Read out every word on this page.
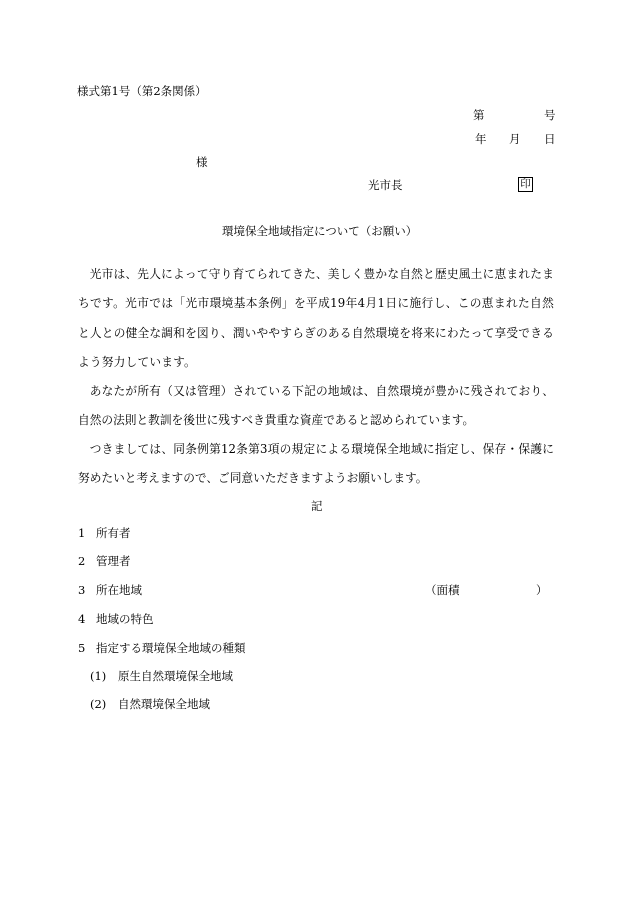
様式第1号（第2条関係）
第	号
年 月 日
様
光市長	印
環境保全地域指定について（お願い）

光市は、先人によって守り育てられてきた、美しく豊かな自然と歴史風土に恵まれたまちです。光市では「光市環境基本条例」を平成19年4月1日に施行し、この恵まれた自然と人との健全な調和を図り、潤いややすらぎのある自然環境を将来にわたって享受できるよう努力しています。

あなたが所有（又は管理）されている下記の地域は、自然環境が豊かに残されており、自然の法則と教訓を後世に残すべき貴重な資産であると認められています。

つきましては、同条例第12条第3項の規定による環境保全地域に指定し、保存・保護に努めたいと考えますので、ご同意いただきますようお願いします。

記
1 所有者
2 管理者
3 所在地域	（面積	）
4 地域の特色
5 指定する環境保全地域の種類
(1) 原生自然環境保全地域
(2) 自然環境保全地域
